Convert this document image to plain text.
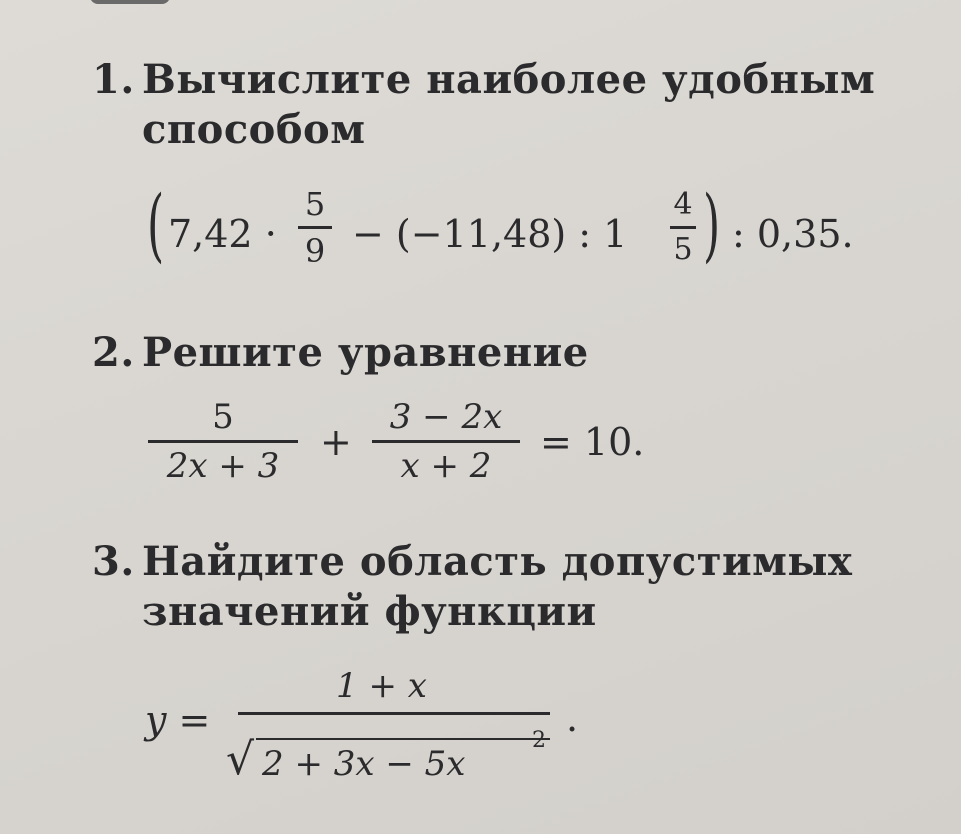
1. Вычислите наиболее удобным
способом
( 7,42 ·
5
9 − (−11,48) : 1
4
5 ) : 0,35.
2. Решите уравнение
5
2x + 3
+
3 − 2x
x + 2
= 10.
3. Найдите область допустимых
значений функции
y =
1 + x
√ 2 + 3x − 5x
2
.
